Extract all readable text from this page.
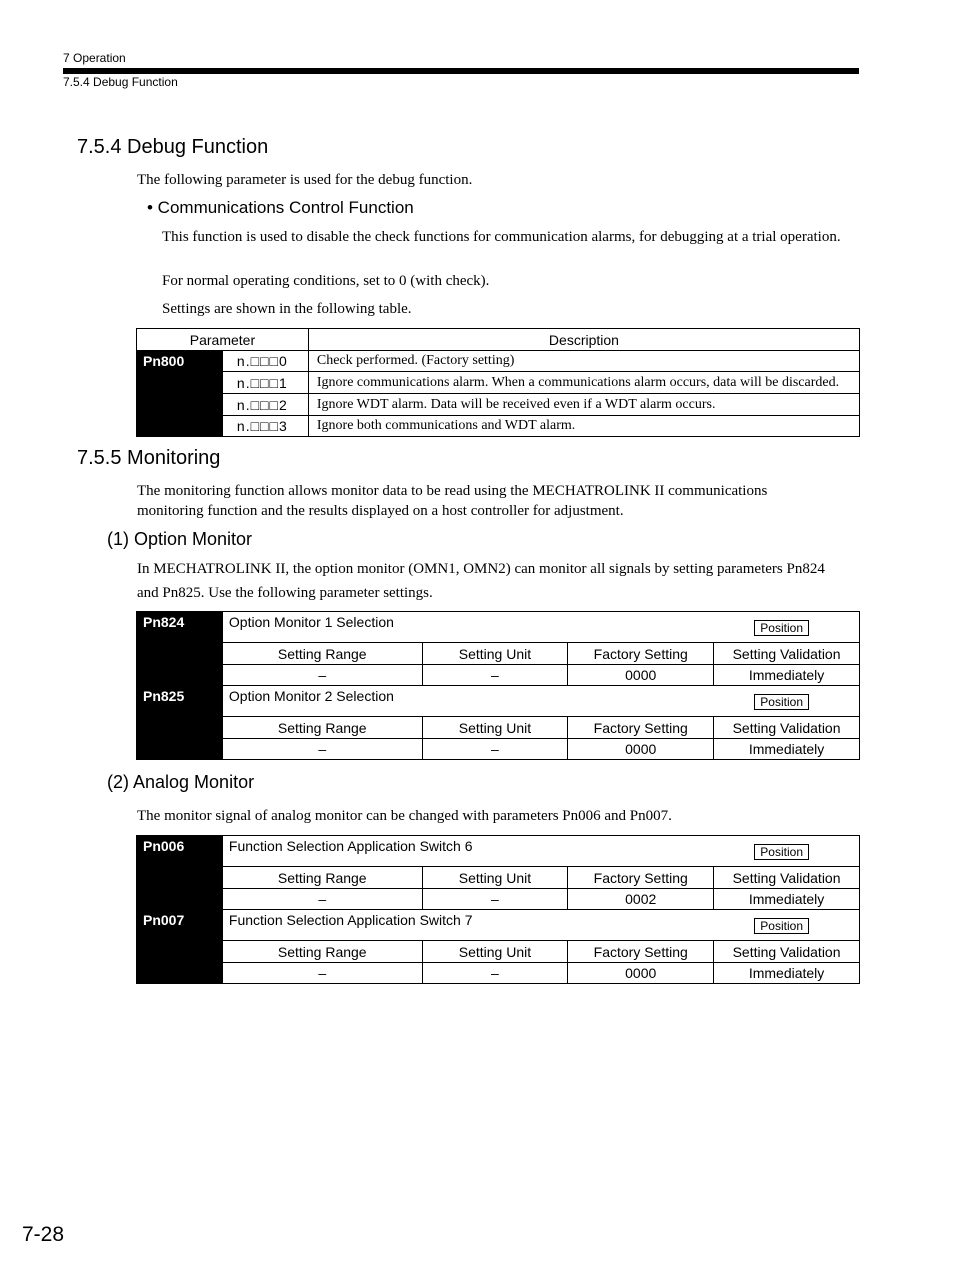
7 Operation
7.5.4 Debug Function
7.5.4 Debug Function

The following parameter is used for the debug function.

• Communications Control Function

This function is used to disable the check functions for communication alarms, for debugging at a trial operation.

For normal operating conditions, set to 0 (with check).

Settings are shown in the following table.

Parameter		Description
Pn800	n.□□□0	Check performed. (Factory setting)
	n.□□□1	Ignore communications alarm. When a communications alarm occurs, data will be discarded.
	n.□□□2	Ignore WDT alarm. Data will be received even if a WDT alarm occurs.
	n.□□□3	Ignore both communications and WDT alarm.
7.5.5 Monitoring

The monitoring function allows monitor data to be read using the MECHATROLINK II communications monitoring function and the results displayed on a host controller for adjustment.

(1) Option Monitor

In MECHATROLINK II, the option monitor (OMN1, OMN2) can monitor all signals by setting parameters Pn824 and Pn825. Use the following parameter settings.

Pn824	Option Monitor 1 Selection Position			

	Setting Range	Setting Unit	Factory Setting	Setting Validation
	–	–	0000	Immediately
Pn825	Option Monitor 2 Selection Position			

	Setting Range	Setting Unit	Factory Setting	Setting Validation
	–	–	0000	Immediately
(2) Analog Monitor

The monitor signal of analog monitor can be changed with parameters Pn006 and Pn007.

Pn006	Function Selection Application Switch 6 Position			

	Setting Range	Setting Unit	Factory Setting	Setting Validation
	–	–	0002	Immediately
Pn007	Function Selection Application Switch 7 Position			

	Setting Range	Setting Unit	Factory Setting	Setting Validation
	–	–	0000	Immediately
7-28
